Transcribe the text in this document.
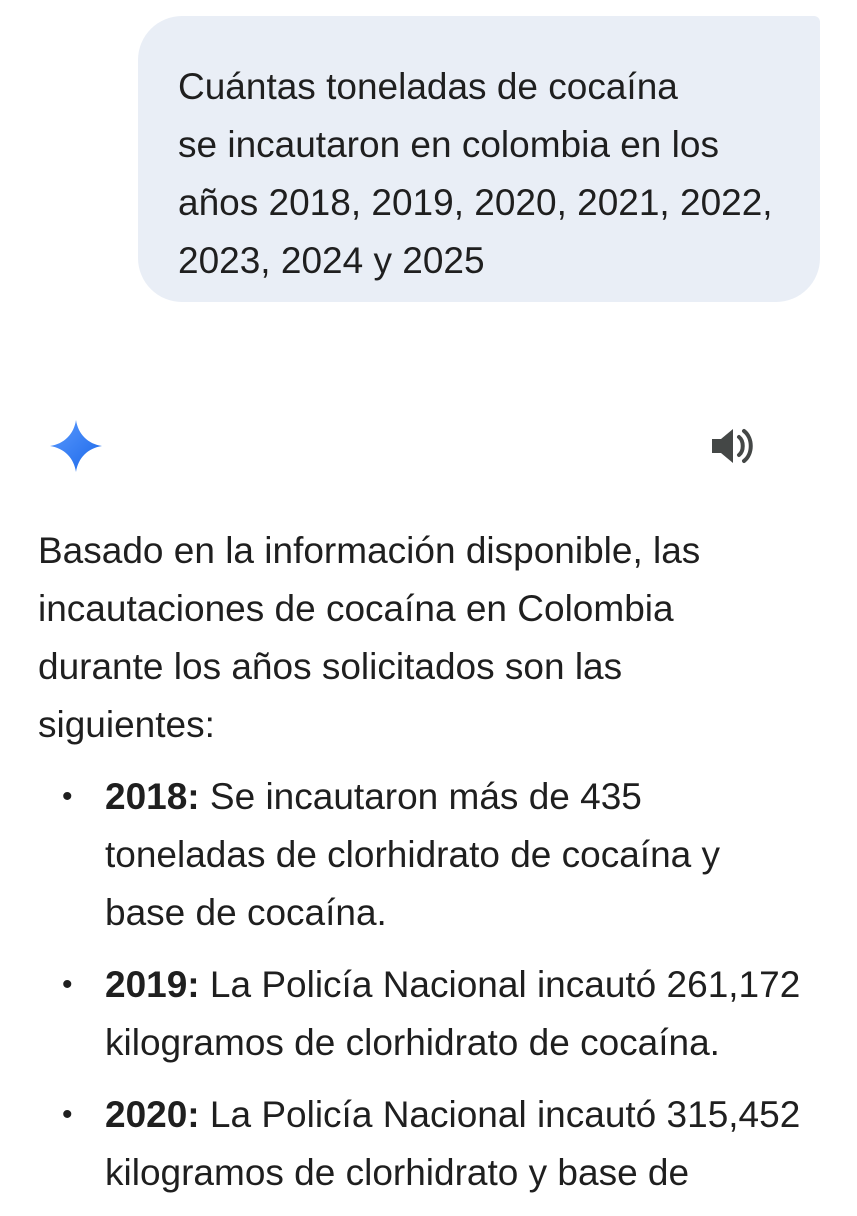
Cuántas toneladas de cocaína
se incautaron en colombia en los
años 2018, 2019, 2020, 2021, 2022,
2023, 2024 y 2025

Basado en la información disponible, las
incautaciones de cocaína en Colombia
durante los años solicitados son las
siguientes:

• 2018: Se incautaron más de 435
toneladas de clorhidrato de cocaína y
base de cocaína.
• 2019: La Policía Nacional incautó 261,172
kilogramos de clorhidrato de cocaína.
• 2020: La Policía Nacional incautó 315,452
kilogramos de clorhidrato y base de
